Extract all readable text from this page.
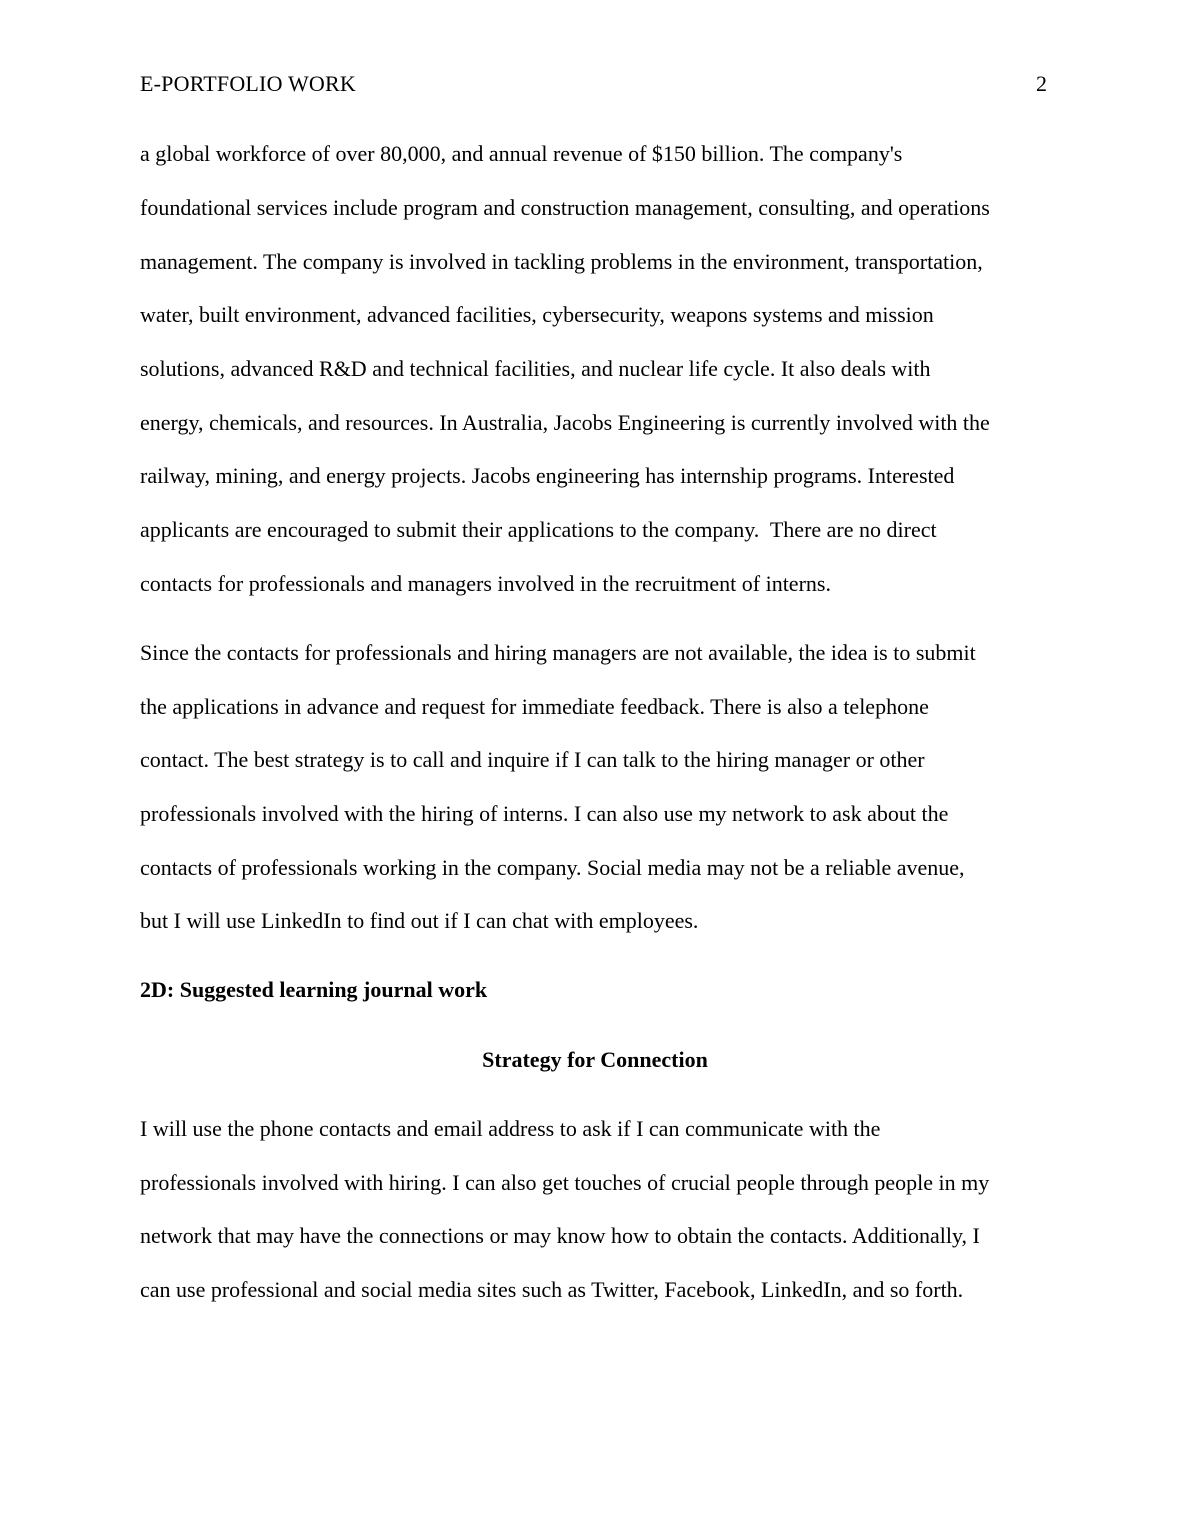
E-PORTFOLIO WORK	2
a global workforce of over 80,000, and annual revenue of $150 billion. The company's
foundational services include program and construction management, consulting, and operations
management. The company is involved in tackling problems in the environment, transportation,
water, built environment, advanced facilities, cybersecurity, weapons systems and mission
solutions, advanced R&D and technical facilities, and nuclear life cycle. It also deals with
energy, chemicals, and resources. In Australia, Jacobs Engineering is currently involved with the
railway, mining, and energy projects. Jacobs engineering has internship programs. Interested
applicants are encouraged to submit their applications to the company.  There are no direct
contacts for professionals and managers involved in the recruitment of interns.
Since the contacts for professionals and hiring managers are not available, the idea is to submit
the applications in advance and request for immediate feedback. There is also a telephone
contact. The best strategy is to call and inquire if I can talk to the hiring manager or other
professionals involved with the hiring of interns. I can also use my network to ask about the
contacts of professionals working in the company. Social media may not be a reliable avenue,
but I will use LinkedIn to find out if I can chat with employees.
2D: Suggested learning journal work
Strategy for Connection
I will use the phone contacts and email address to ask if I can communicate with the
professionals involved with hiring. I can also get touches of crucial people through people in my
network that may have the connections or may know how to obtain the contacts. Additionally, I
can use professional and social media sites such as Twitter, Facebook, LinkedIn, and so forth.
